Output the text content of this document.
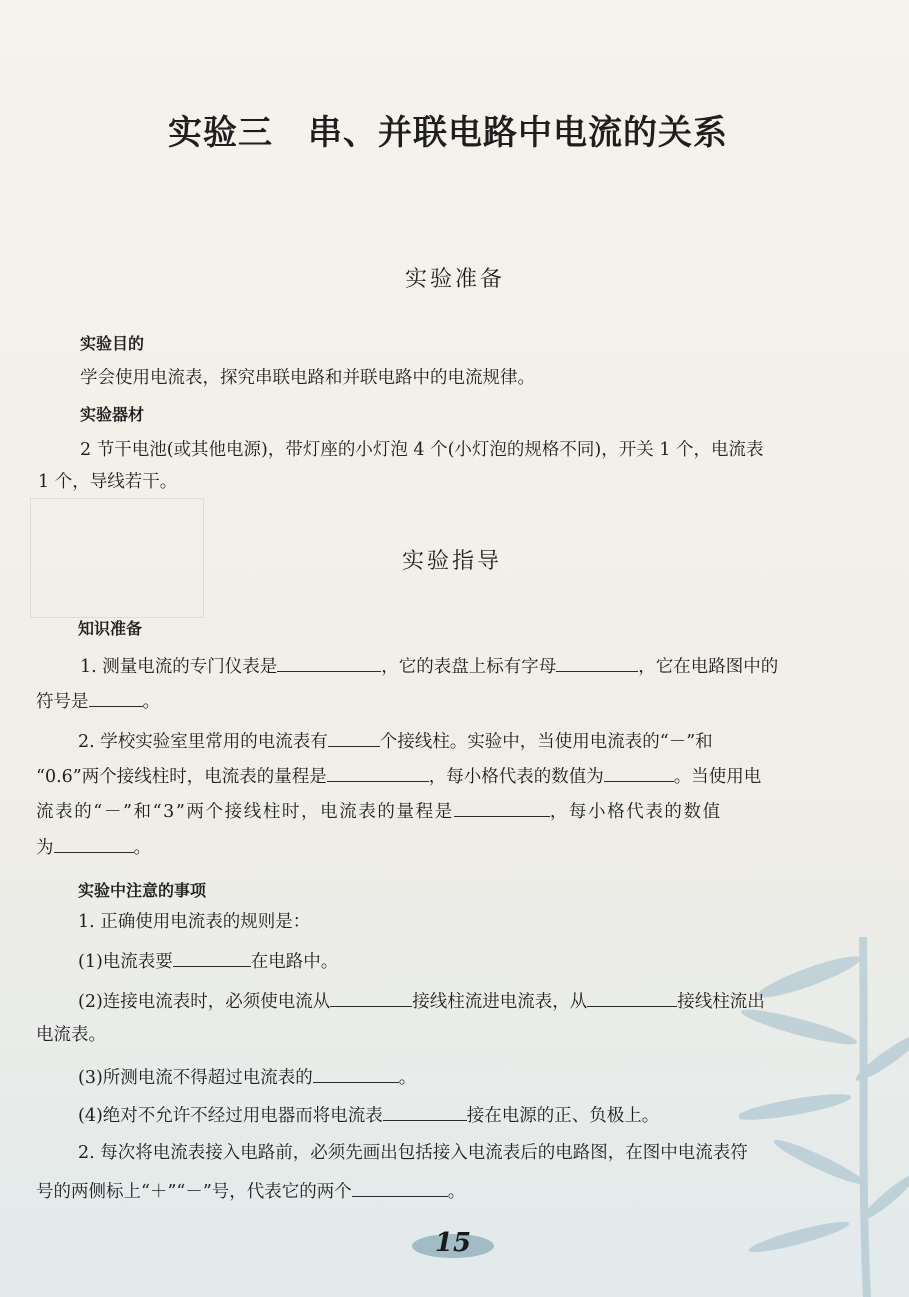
实验三　串、并联电路中电流的关系
实验准备
实验目的
学会使用电流表，探究串联电路和并联电路中的电流规律。
实验器材
2 节干电池(或其他电源)，带灯座的小灯泡 4 个(小灯泡的规格不同)，开关 1 个，电流表
1 个，导线若干。
实验指导
知识准备
1. 测量电流的专门仪表是	，它的表盘上标有字母	，它在电路图中的
符号是	。
2. 学校实验室里常用的电流表有	个接线柱。实验中，当使用电流表的“－”和
“0.6”两个接线柱时，电流表的量程是	，每小格代表的数值为	。当使用电
流表的“－”和“3”两个接线柱时，电流表的量程是	，每小格代表的数值
为	。
实验中注意的事项
1. 正确使用电流表的规则是：
(1)电流表要	在电路中。
(2)连接电流表时，必须使电流从	接线柱流进电流表，从	接线柱流出
电流表。
(3)所测电流不得超过电流表的	。
(4)绝对不允许不经过用电器而将电流表	接在电源的正、负极上。
2. 每次将电流表接入电路前，必须先画出包括接入电流表后的电路图，在图中电流表符
号的两侧标上“＋”“－”号，代表它的两个	。
15
